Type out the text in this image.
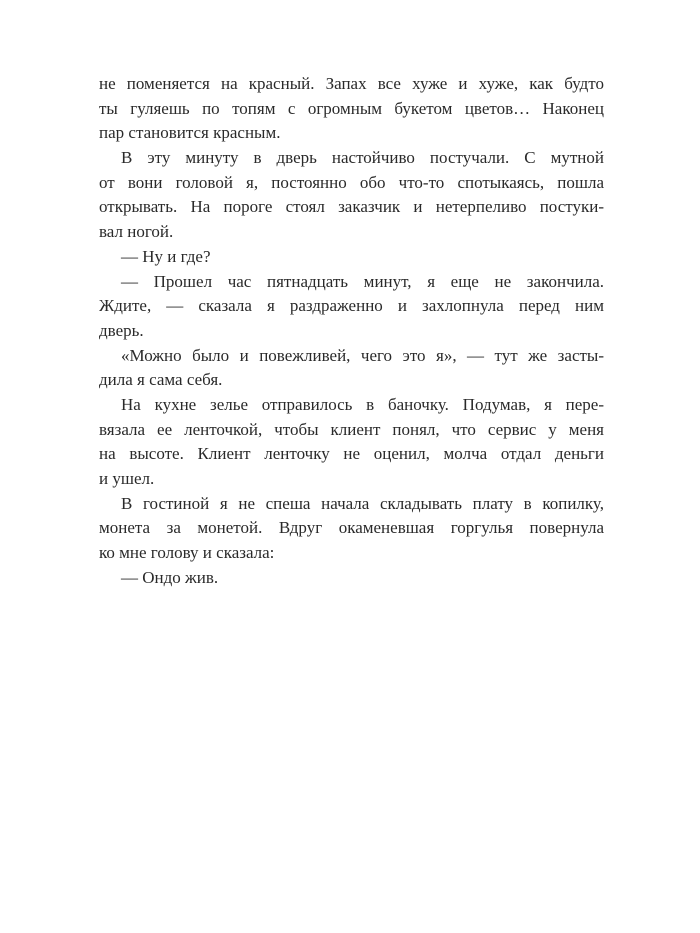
не поменяется на красный. Запах все хуже и хуже, как будто
ты гуляешь по топям с огромным букетом цветов… Наконец
пар становится красным.
В эту минуту в дверь настойчиво постучали. С мутной
от вони головой я, постоянно обо что-то спотыкаясь, пошла
открывать. На пороге стоял заказчик и нетерпеливо постуки-
вал ногой.
— Ну и где?
— Прошел час пятнадцать минут, я еще не закончила.
Ждите, — сказала я раздраженно и захлопнула перед ним
дверь.
«Можно было и повежливей, чего это я», — тут же засты-
дила я сама себя.
На кухне зелье отправилось в баночку. Подумав, я пере-
вязала ее ленточкой, чтобы клиент понял, что сервис у меня
на высоте. Клиент ленточку не оценил, молча отдал деньги
и ушел.
В гостиной я не спеша начала складывать плату в копилку,
монета за монетой. Вдруг окаменевшая горгулья повернула
ко мне голову и сказала:
— Ондо жив.
